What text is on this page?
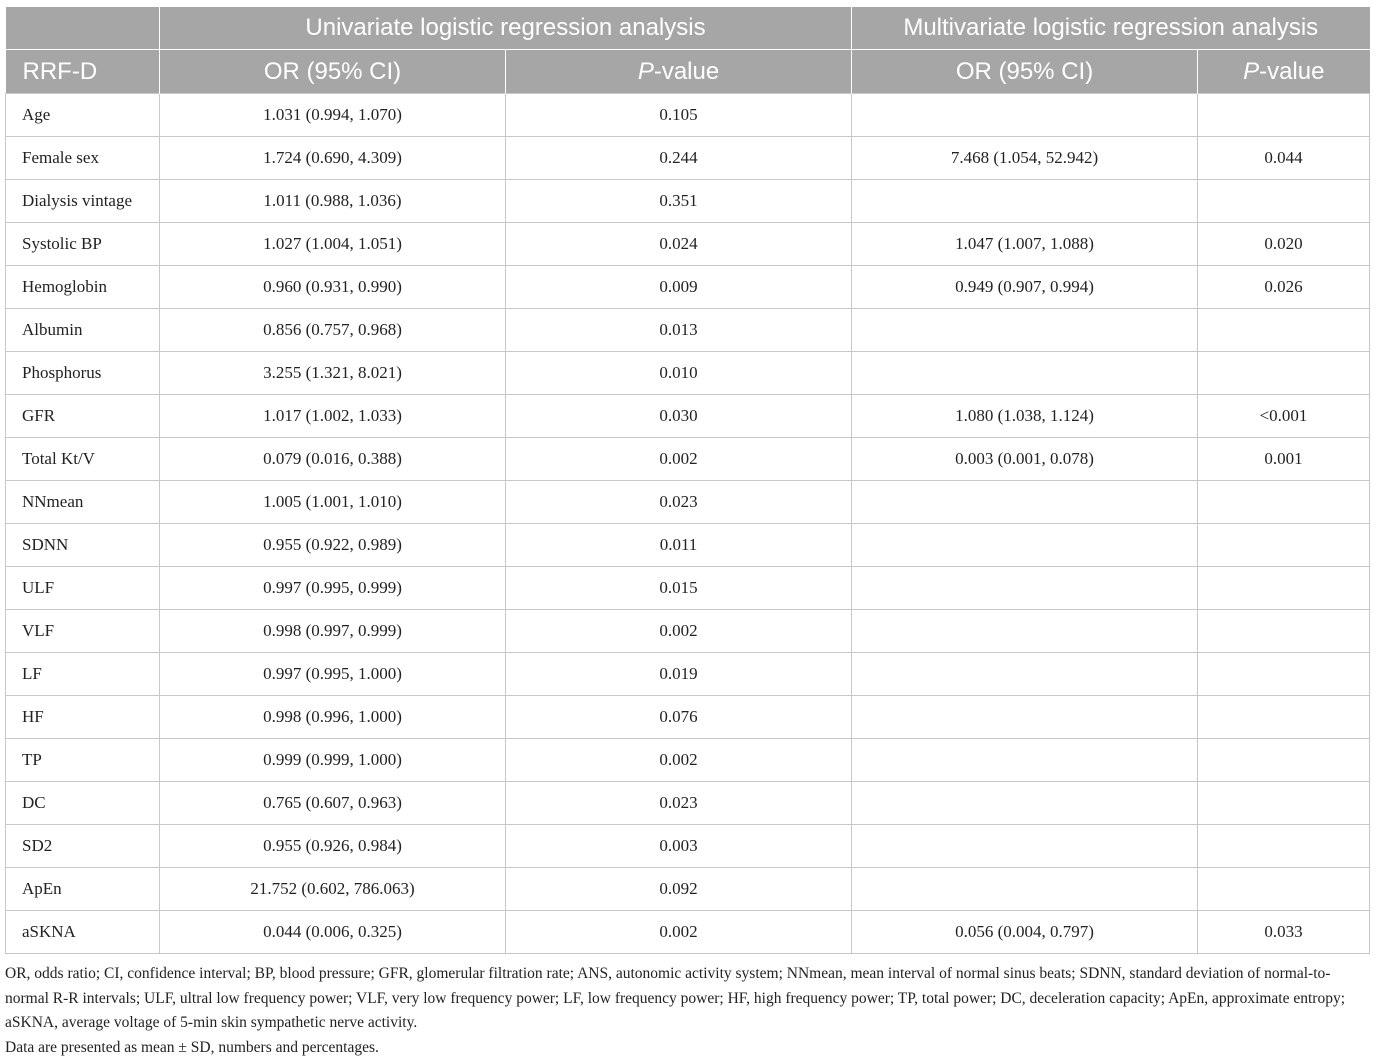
	Univariate logistic regression analysis		Multivariate logistic regression analysis	
RRF-D	OR (95% CI)	P-value	OR (95% CI)	P-value
Age	1.031 (0.994, 1.070)	0.105		
Female sex	1.724 (0.690, 4.309)	0.244	7.468 (1.054, 52.942)	0.044
Dialysis vintage	1.011 (0.988, 1.036)	0.351		
Systolic BP	1.027 (1.004, 1.051)	0.024	1.047 (1.007, 1.088)	0.020
Hemoglobin	0.960 (0.931, 0.990)	0.009	0.949 (0.907, 0.994)	0.026
Albumin	0.856 (0.757, 0.968)	0.013		
Phosphorus	3.255 (1.321, 8.021)	0.010		
GFR	1.017 (1.002, 1.033)	0.030	1.080 (1.038, 1.124)	<0.001
Total Kt/V	0.079 (0.016, 0.388)	0.002	0.003 (0.001, 0.078)	0.001
NNmean	1.005 (1.001, 1.010)	0.023		
SDNN	0.955 (0.922, 0.989)	0.011		
ULF	0.997 (0.995, 0.999)	0.015		
VLF	0.998 (0.997, 0.999)	0.002		
LF	0.997 (0.995, 1.000)	0.019		
HF	0.998 (0.996, 1.000)	0.076		
TP	0.999 (0.999, 1.000)	0.002		
DC	0.765 (0.607, 0.963)	0.023		
SD2	0.955 (0.926, 0.984)	0.003		
ApEn	21.752 (0.602, 786.063)	0.092		
aSKNA	0.044 (0.006, 0.325)	0.002	0.056 (0.004, 0.797)	0.033

OR, odds ratio; CI, confidence interval; BP, blood pressure; GFR, glomerular filtration rate; ANS, autonomic activity system; NNmean, mean interval of normal sinus beats; SDNN, standard deviation of normal-to-normal R-R intervals; ULF, ultral low frequency power; VLF, very low frequency power; LF, low frequency power; HF, high frequency power; TP, total power; DC, deceleration capacity; ApEn, approximate entropy; aSKNA, average voltage of 5-min skin sympathetic nerve activity.

Data are presented as mean ± SD, numbers and percentages.
